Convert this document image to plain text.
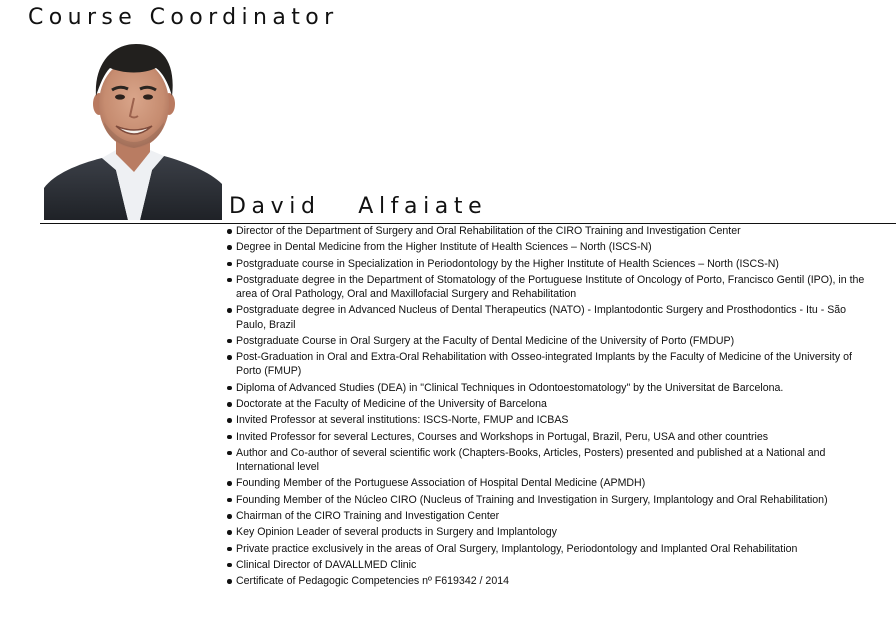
Course Coordinator
David   Alfaiate
Director of the Department of Surgery and Oral Rehabilitation of the CIRO Training and Investigation Center
Degree in Dental Medicine from the Higher Institute of Health Sciences – North (ISCS-N)
Postgraduate course in Specialization in Periodontology by the Higher Institute of Health Sciences – North (ISCS-N)
Postgraduate degree in the Department of Stomatology of the Portuguese Institute of Oncology of Porto, Francisco Gentil (IPO), in the area of Oral Pathology, Oral and Maxillofacial Surgery and Rehabilitation
Postgraduate degree in Advanced Nucleus of Dental Therapeutics (NATO) - Implantodontic Surgery and Prosthodontics - Itu - São Paulo, Brazil
Postgraduate Course in Oral Surgery at the Faculty of Dental Medicine of the University of Porto (FMDUP)
Post-Graduation in Oral and Extra-Oral Rehabilitation with Osseo-integrated Implants by the Faculty of Medicine of the University of Porto (FMUP)
Diploma of Advanced Studies (DEA) in "Clinical Techniques in Odontoestomatology" by the Universitat de Barcelona.
Doctorate at the Faculty of Medicine of the University of Barcelona
Invited Professor at several institutions: ISCS-Norte, FMUP and ICBAS
Invited Professor for several Lectures, Courses and Workshops in Portugal, Brazil, Peru, USA and other countries
Author and Co-author of several scientific work (Chapters-Books, Articles, Posters) presented and published at a National and International level
Founding Member of the Portuguese Association of Hospital Dental Medicine (APMDH)
Founding Member of the Núcleo CIRO (Nucleus of Training and Investigation in Surgery, Implantology and Oral Rehabilitation)
Chairman of the CIRO Training and Investigation Center
Key Opinion Leader of several products in Surgery and Implantology
Private practice exclusively in the areas of Oral Surgery, Implantology, Periodontology and Implanted Oral Rehabilitation
Clinical Director of DAVALLMED Clinic
Certificate of Pedagogic Competencies nº F619342 / 2014
